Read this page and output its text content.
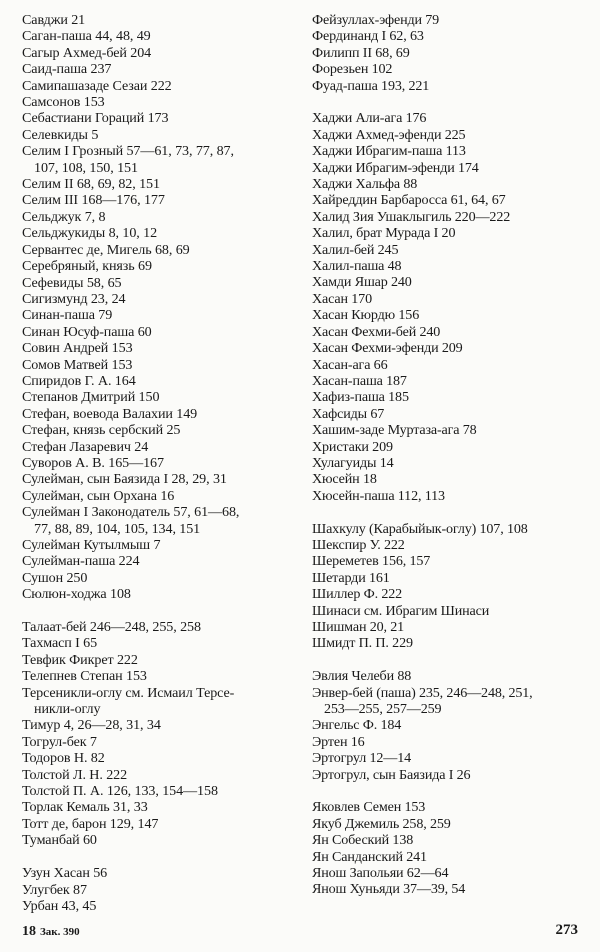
Савджи 21
Саган-паша 44, 48, 49
Сагыр Ахмед-бей 204
Саид-паша 237
Самипашазаде Сезаи 222
Самсонов 153
Себастиани Гораций 173
Селевкиды 5
Селим I Грозный 57—61, 73, 77, 87,
107, 108, 150, 151
Селим II 68, 69, 82, 151
Селим III 168—176, 177
Сельджук 7, 8
Сельджукиды 8, 10, 12
Сервантес де, Мигель 68, 69
Серебряный, князь 69
Сефевиды 58, 65
Сигизмунд 23, 24
Синан-паша 79
Синан Юсуф-паша 60
Совин Андрей 153
Сомов Матвей 153
Спиридов Г. А. 164
Степанов Дмитрий 150
Стефан, воевода Валахии 149
Стефан, князь сербский 25
Стефан Лазаревич 24
Суворов А. В. 165—167
Сулейман, сын Баязида I 28, 29, 31
Сулейман, сын Орхана 16
Сулейман I Законодатель 57, 61—68,
77, 88, 89, 104, 105, 134, 151
Сулейман Кутылмыш 7
Сулейман-паша 224
Сушон 250
Сюлюн-ходжа 108
Талаат-бей 246—248, 255, 258
Тахмасп I 65
Тевфик Фикрет 222
Телепнев Степан 153
Терсеникли-оглу см. Исмаил Терсе-
никли-оглу
Тимур 4, 26—28, 31, 34
Тогрул-бек 7
Тодоров Н. 82
Толстой Л. Н. 222
Толстой П. А. 126, 133, 154—158
Торлак Кемаль 31, 33
Тотт де, барон 129, 147
Туманбай 60
Узун Хасан 56
Улугбек 87
Урбан 43, 45
Фейзуллах-эфенди 79
Фердинанд I 62, 63
Филипп II 68, 69
Форезьен 102
Фуад-паша 193, 221
Хаджи Али-ага 176
Хаджи Ахмед-эфенди 225
Хаджи Ибрагим-паша 113
Хаджи Ибрагим-эфенди 174
Хаджи Хальфа 88
Хайреддин Барбаросса 61, 64, 67
Халид Зия Ушаклыгиль 220—222
Халил, брат Мурада I 20
Халил-бей 245
Халил-паша 48
Хамди Яшар 240
Хасан 170
Хасан Кюрдю 156
Хасан Фехми-бей 240
Хасан Фехми-эфенди 209
Хасан-ага 66
Хасан-паша 187
Хафиз-паша 185
Хафсиды 67
Хашим-заде Муртаза-ага 78
Христаки 209
Хулагуиды 14
Хюсейн 18
Хюсейн-паша 112, 113
Шахкулу (Карабыйык-оглу) 107, 108
Шекспир У. 222
Шереметев 156, 157
Шетарди 161
Шиллер Ф. 222
Шинаси см. Ибрагим Шинаси
Шишман 20, 21
Шмидт П. П. 229
Эвлия Челеби 88
Энвер-бей (паша) 235, 246—248, 251,
253—255, 257—259
Энгельс Ф. 184
Эртен 16
Эртогрул 12—14
Эртогрул, сын Баязида I 26
Яковлев Семен 153
Якуб Джемиль 258, 259
Ян Собеский 138
Ян Санданский 241
Янош Запольяи 62—64
Янош Хуньяди 37—39, 54
18 Зак. 390	273
